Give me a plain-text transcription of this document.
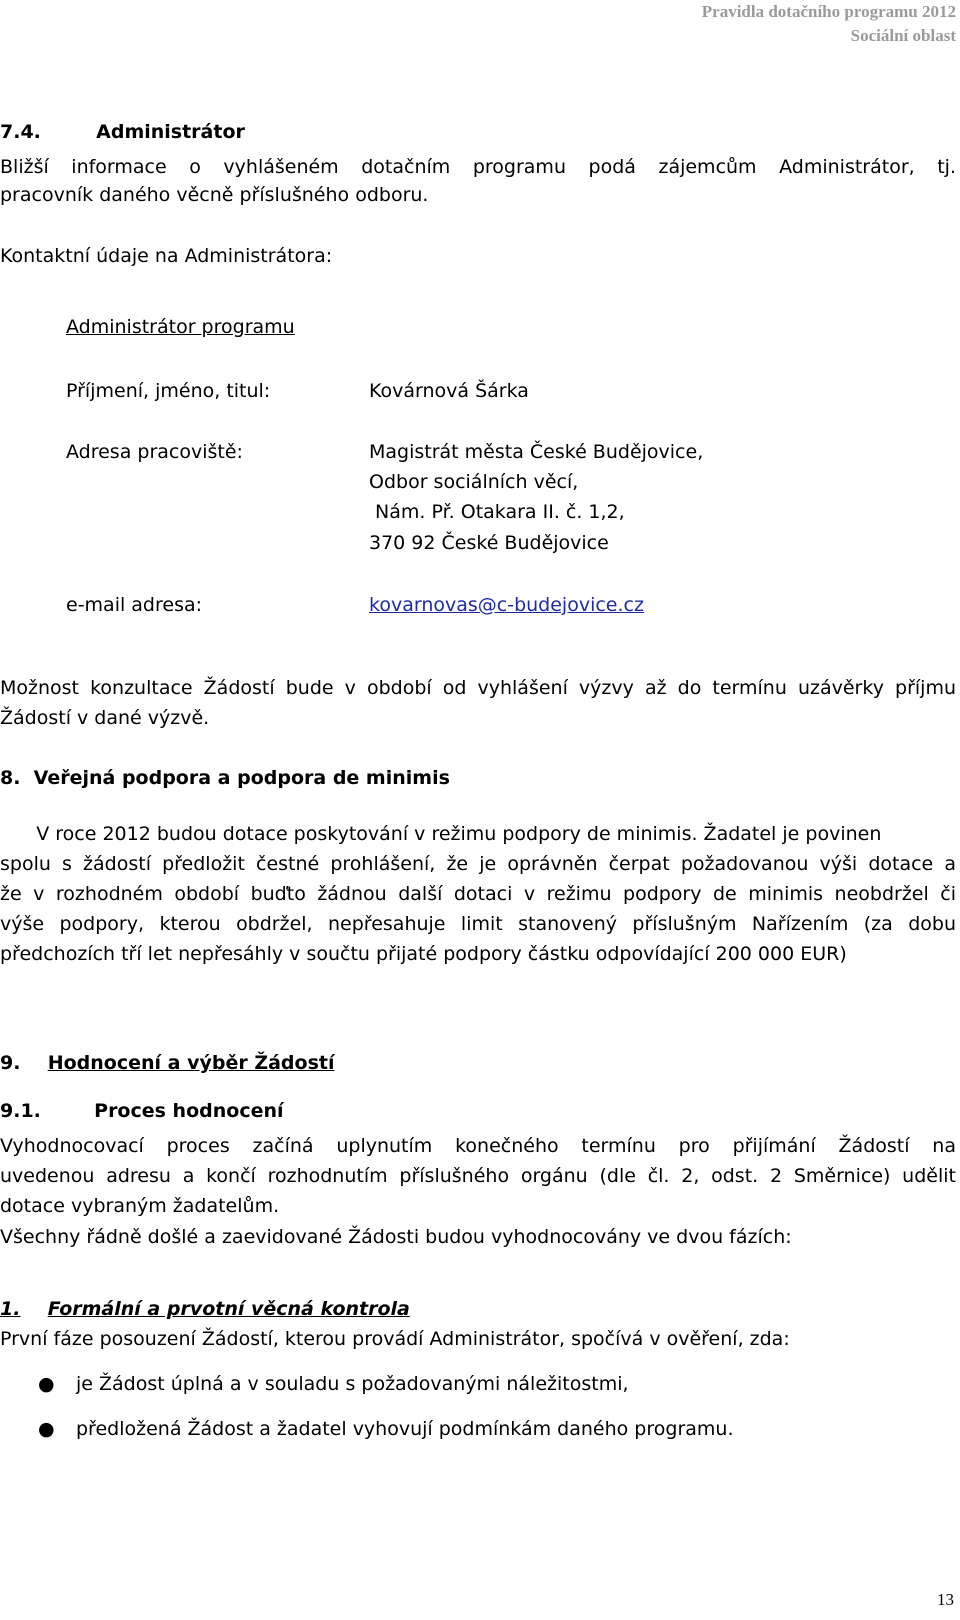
Pravidla dotačního programu 2012
Sociální oblast
7.4.	Administrátor
Bližší informace o vyhlášeném dotačním programu podá zájemcům Administrátor, tj.
pracovník daného věcně příslušného odboru.
Kontaktní údaje na Administrátora:
Administrátor programu
Příjmení, jméno, titul:	Kovárnová Šárka
Adresa pracoviště:	Magistrát města České Budějovice,
Odbor sociálních věcí,
Nám. Př. Otakara II. č. 1,2,
370 92 České Budějovice
e-mail adresa:	kovarnovas@c-budejovice.cz
Možnost konzultace Žádostí bude v období od vyhlášení výzvy až do termínu uzávěrky příjmu
Žádostí v dané výzvě.
8.  Veřejná podpora a podpora de minimis
V roce 2012 budou dotace poskytování v režimu podpory de minimis. Žadatel je povinen
spolu s žádostí předložit čestné prohlášení, že je oprávněn čerpat požadovanou výši dotace a
že v rozhodném období buďto žádnou další dotaci v režimu podpory de minimis neobdržel či
výše podpory, kterou obdržel, nepřesahuje limit stanovený příslušným Nařízením (za dobu
předchozích tří let nepřesáhly v součtu přijaté podpory částku odpovídající 200 000 EUR)
9. Hodnocení a výběr Žádostí
9.1.	Proces hodnocení
Vyhodnocovací proces začíná uplynutím konečného termínu pro přijímání Žádostí na
uvedenou adresu a končí rozhodnutím příslušného orgánu (dle čl. 2, odst. 2 Směrnice) udělit
dotace vybraným žadatelům.
Všechny řádně došlé a zaevidované Žádosti budou vyhodnocovány ve dvou fázích:
1. Formální a prvotní věcná kontrola
První fáze posouzení Žádostí, kterou provádí Administrátor, spočívá v ověření, zda:
● je Žádost úplná a v souladu s požadovanými náležitostmi,
● předložená Žádost a žadatel vyhovují podmínkám daného programu.
13
